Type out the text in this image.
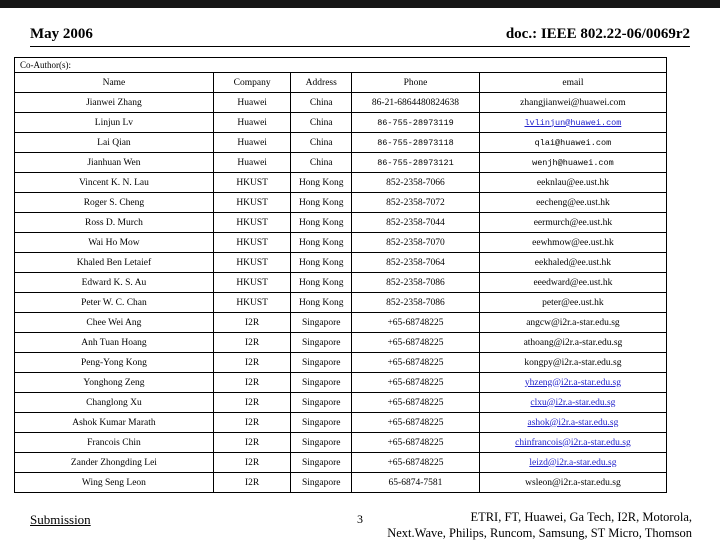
May 2006	doc.: IEEE 802.22-06/0069r2
Co-Author(s):				
Name	Company	Address	Phone	email
Jianwei Zhang	Huawei	China	86-21-6864480824638	zhangjianwei@huawei.com
Linjun Lv	Huawei	China	86-755-28973119	lvlinjun@huawei.com
Lai Qian	Huawei	China	86-755-28973118	qlai@huawei.com
Jianhuan Wen	Huawei	China	86-755-28973121	wenjh@huawei.com
Vincent K. N. Lau	HKUST	Hong Kong	852-2358-7066	eeknlau@ee.ust.hk
Roger S. Cheng	HKUST	Hong Kong	852-2358-7072	eecheng@ee.ust.hk
Ross D. Murch	HKUST	Hong Kong	852-2358-7044	eermurch@ee.ust.hk
Wai Ho Mow	HKUST	Hong Kong	852-2358-7070	eewhmow@ee.ust.hk
Khaled Ben Letaief	HKUST	Hong Kong	852-2358-7064	eekhaled@ee.ust.hk
Edward K. S. Au	HKUST	Hong Kong	852-2358-7086	eeedward@ee.ust.hk
Peter W. C. Chan	HKUST	Hong Kong	852-2358-7086	peter@ee.ust.hk
Chee Wei Ang	I2R	Singapore	+65-68748225	angcw@i2r.a-star.edu.sg
Anh Tuan Hoang	I2R	Singapore	+65-68748225	athoang@i2r.a-star.edu.sg
Peng-Yong Kong	I2R	Singapore	+65-68748225	kongpy@i2r.a-star.edu.sg
Yonghong Zeng	I2R	Singapore	+65-68748225	yhzeng@i2r.a-star.edu.sg
Changlong Xu	I2R	Singapore	+65-68748225	clxu@i2r.a-star.edu.sg
Ashok Kumar Marath	I2R	Singapore	+65-68748225	ashok@i2r.a-star.edu.sg
Francois Chin	I2R	Singapore	+65-68748225	chinfrancois@i2r.a-star.edu.sg
Zander Zhongding Lei	I2R	Singapore	+65-68748225	leizd@i2r.a-star.edu.sg
Wing Seng Leon	I2R	Singapore	65-6874-7581	wsleon@i2r.a-star.edu.sg
Submission	3	ETRI, FT, Huawei, Ga Tech, I2R, Motorola,
Next.Wave, Philips, Runcom, Samsung, ST Micro, Thomson
